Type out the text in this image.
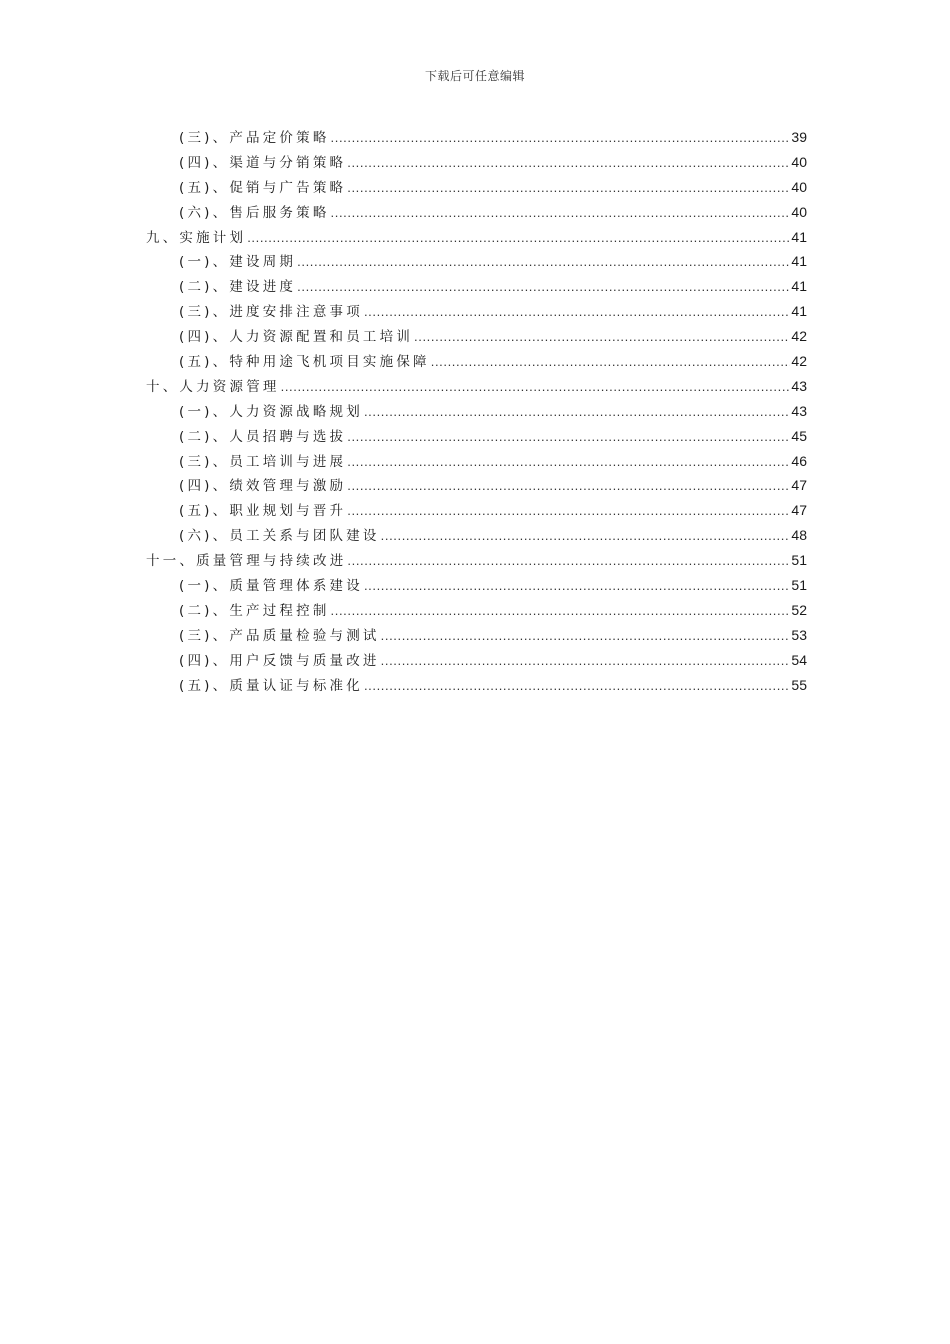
下载后可任意编辑
(三)、产品定价策略 .....	39
(四)、渠道与分销策略 .....	40
(五)、促销与广告策略 .....	40
(六)、售后服务策略 .....	40
九、实施计划 .....	41
(一)、建设周期 .....	41
(二)、建设进度 .....	41
(三)、进度安排注意事项 .....	41
(四)、人力资源配置和员工培训 .....	42
(五)、特种用途飞机项目实施保障 .....	42
十、人力资源管理 .....	43
(一)、人力资源战略规划 .....	43
(二)、人员招聘与选拔 .....	45
(三)、员工培训与进展 .....	46
(四)、绩效管理与激励 .....	47
(五)、职业规划与晋升 .....	47
(六)、员工关系与团队建设 .....	48
十一、质量管理与持续改进 .....	51
(一)、质量管理体系建设 .....	51
(二)、生产过程控制 .....	52
(三)、产品质量检验与测试 .....	53
(四)、用户反馈与质量改进 .....	54
(五)、质量认证与标准化 .....	55
